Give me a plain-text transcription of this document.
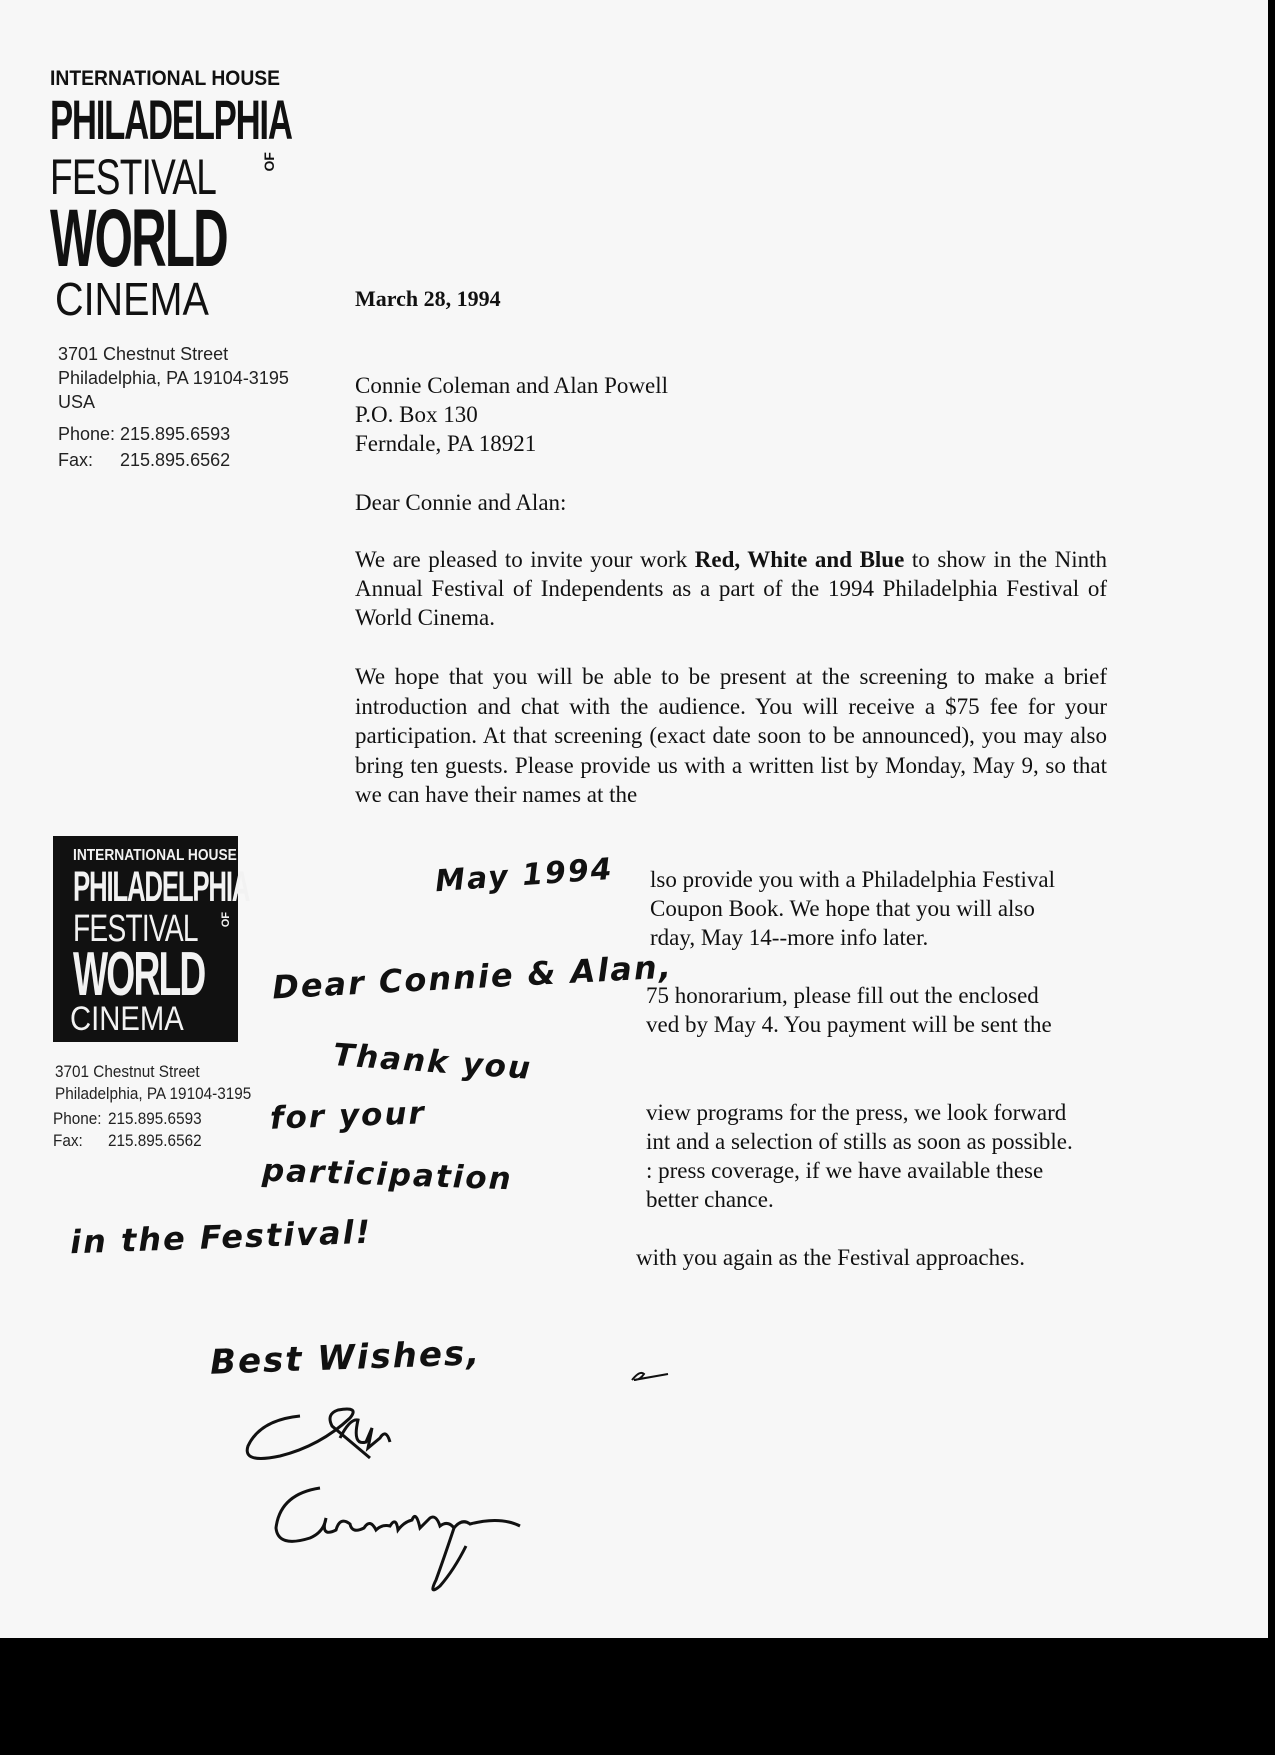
INTERNATIONAL HOUSE
PHILADELPHIA
FESTIVAL	OF
WORLD
CINEMA
3701 Chestnut Street
Philadelphia, PA 19104-3195
USA
Phone: 215.895.6593
Fax: 215.895.6562
March 28, 1994
Connie Coleman and Alan Powell
P.O. Box 130
Ferndale, PA 18921
Dear Connie and Alan:
We are pleased to invite your work Red, White and Blue to show in the Ninth Annual Festival of Independents as a part of the 1994 Philadelphia Festival of World Cinema.
We hope that you will be able to be present at the screening to make a brief introduction and chat with the audience. You will receive a $75 fee for your participation. At that screening (exact date soon to be announced), you may also bring ten guests. Please provide us with a written list by Monday, May 9, so that we can have their names at the
lso provide you with a Philadelphia Festival
Coupon Book. We hope that you will also
rday, May 14--more info later.
75 honorarium, please fill out the enclosed
ved by May 4. You payment will be sent the
view programs for the press, we look forward
int and a selection of stills as soon as possible.
: press coverage, if we have available these
better chance.
with you again as the Festival approaches.
INTERNATIONAL HOUSE
PHILADELPHIA
FESTIVAL OF
WORLD
CINEMA
3701 Chestnut Street
Philadelphia, PA 19104-3195
Phone: 215.895.6593
Fax: 215.895.6562
May 1994
Dear Connie & Alan,
Thank you
for your
participation
in the Festival!
Best Wishes,
